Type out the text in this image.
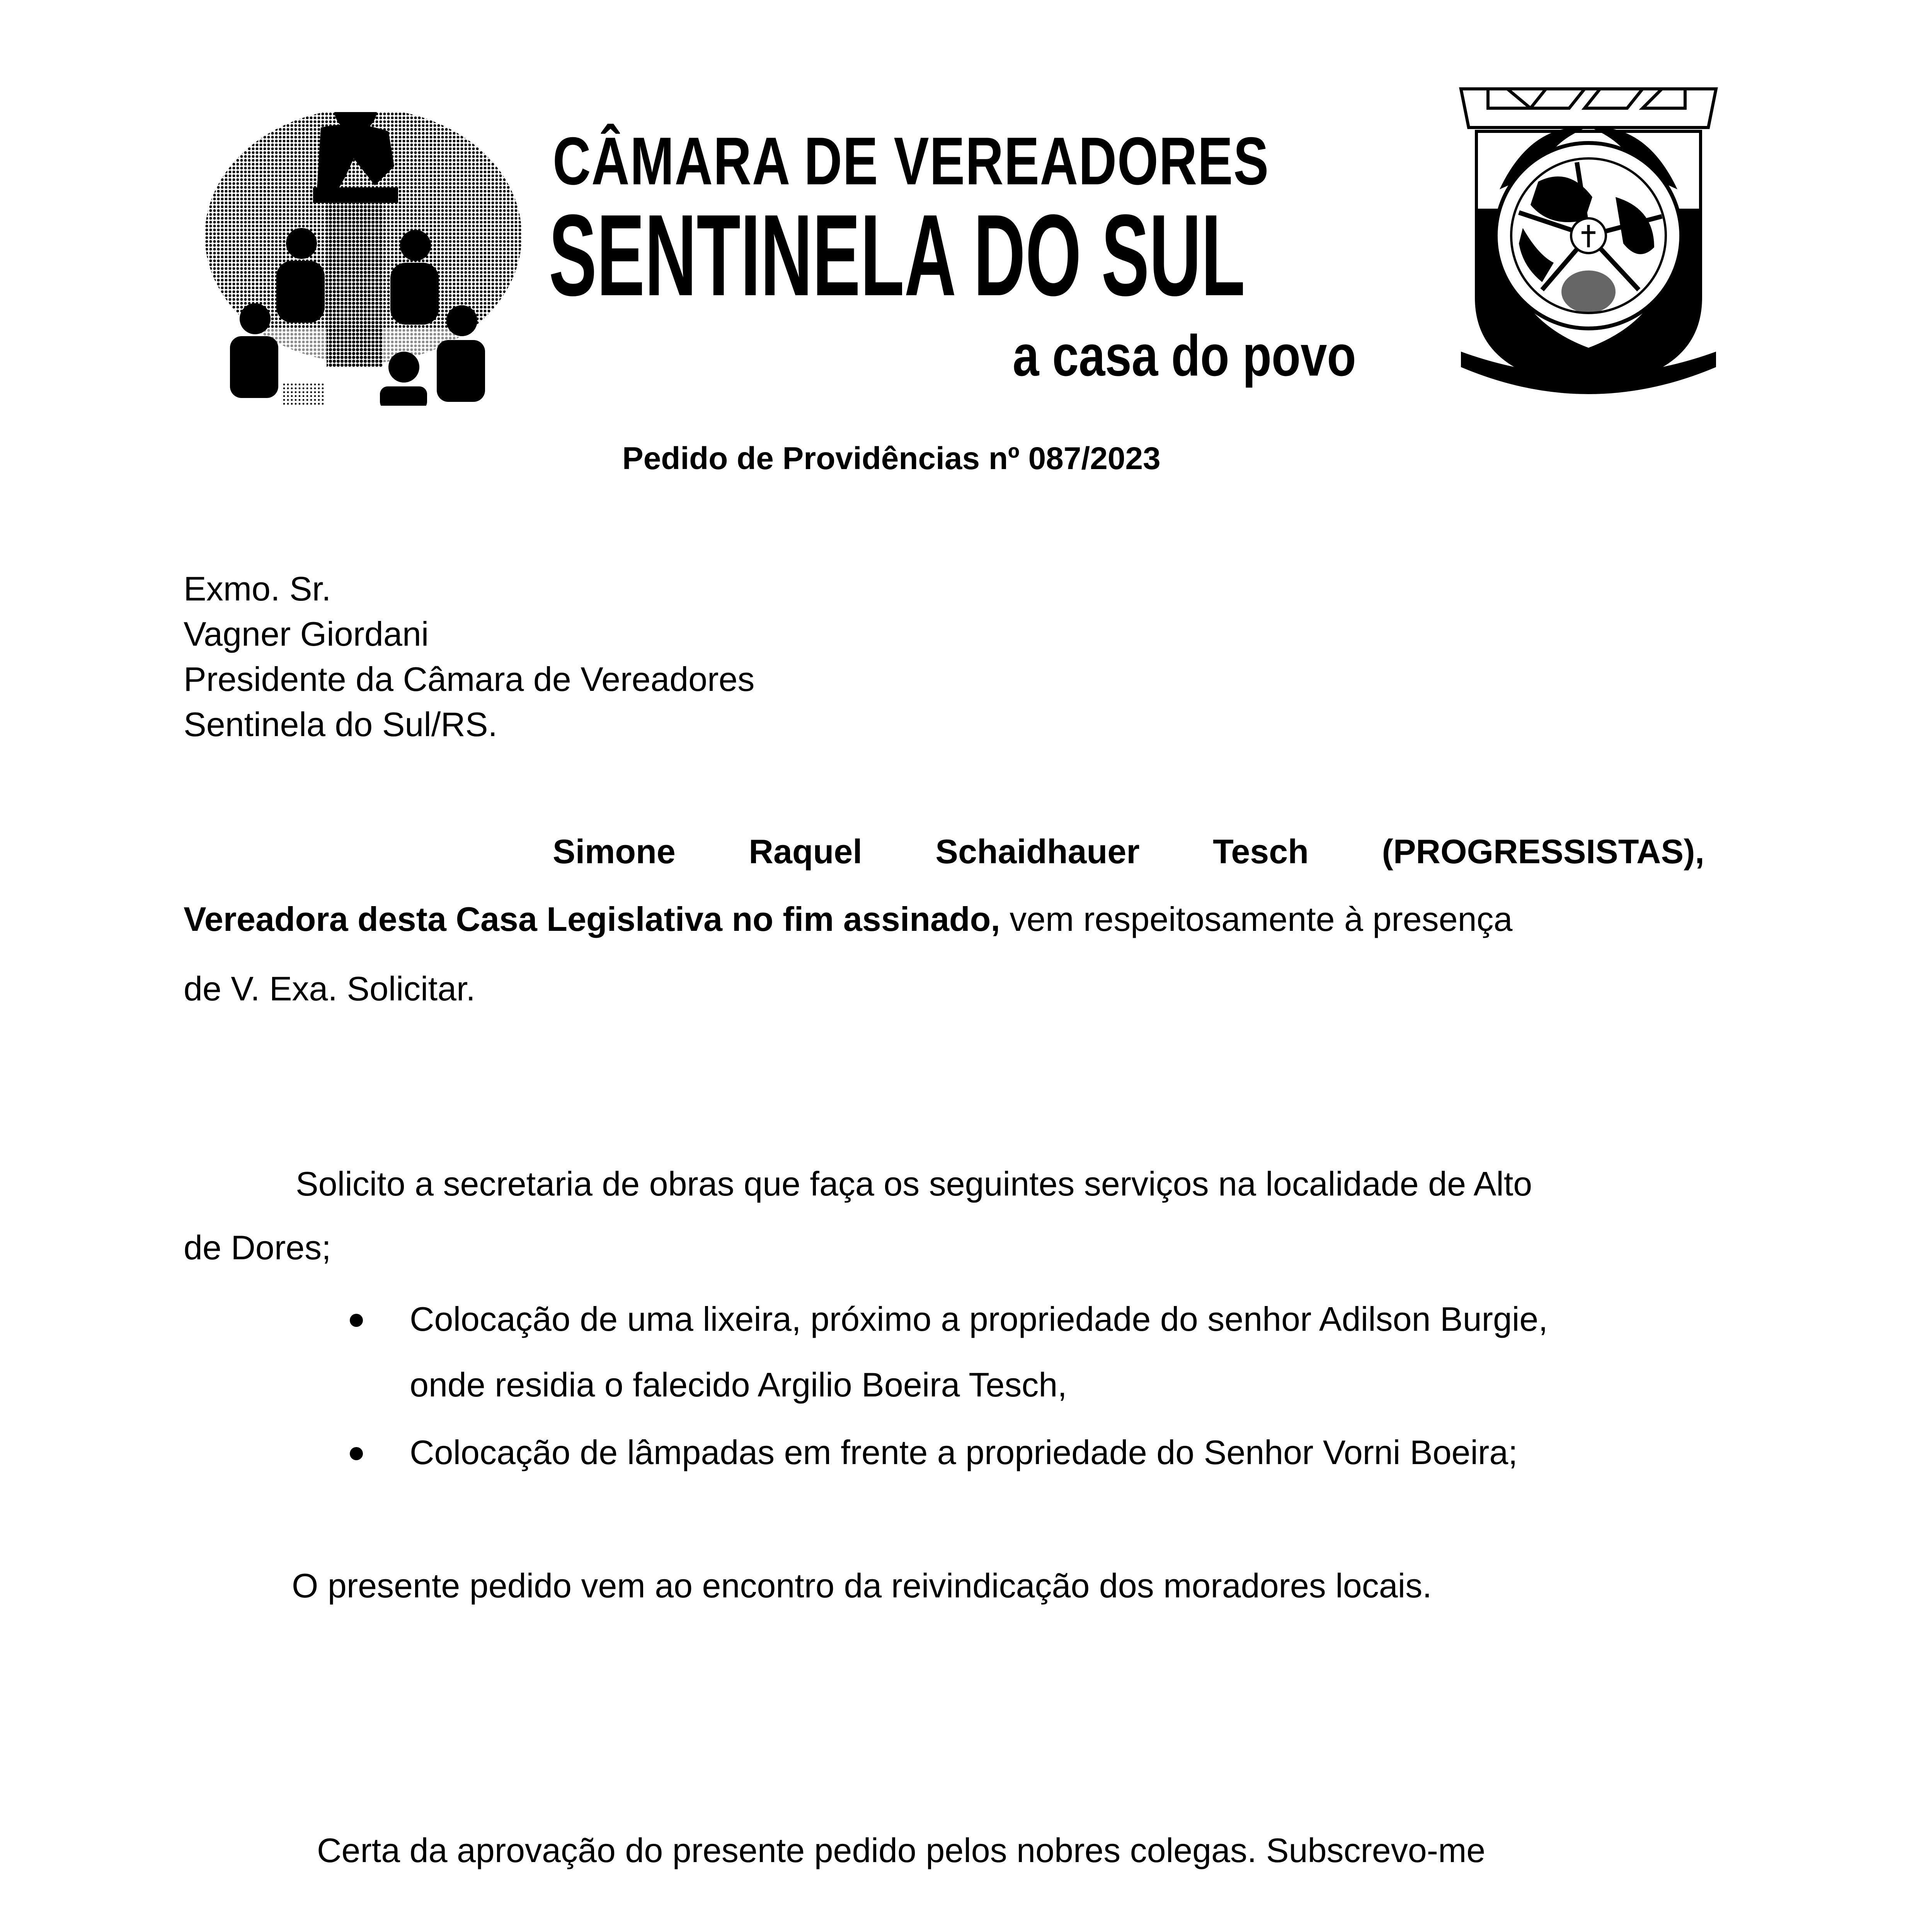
CÂMARA DE VEREADORES
SENTINELA DO SUL
a casa do povo
Pedido de Providências nº 087/2023
Exmo. Sr.
Vagner Giordani
Presidente da Câmara de Vereadores
Sentinela do Sul/RS.
Simone Raquel Schaidhauer Tesch (PROGRESSISTAS),
Vereadora desta Casa Legislativa no fim assinado, vem respeitosamente à presença
de V. Exa. Solicitar.
Solicito a secretaria de obras que faça os seguintes serviços na localidade de Alto
de Dores;
Colocação de uma lixeira, próximo a propriedade do senhor Adilson Burgie,
onde residia o falecido Argilio Boeira Tesch,
Colocação de lâmpadas em frente a propriedade do Senhor Vorni Boeira;
O presente pedido vem ao encontro da reivindicação dos moradores locais.
Certa da aprovação do presente pedido pelos nobres colegas. Subscrevo-me
